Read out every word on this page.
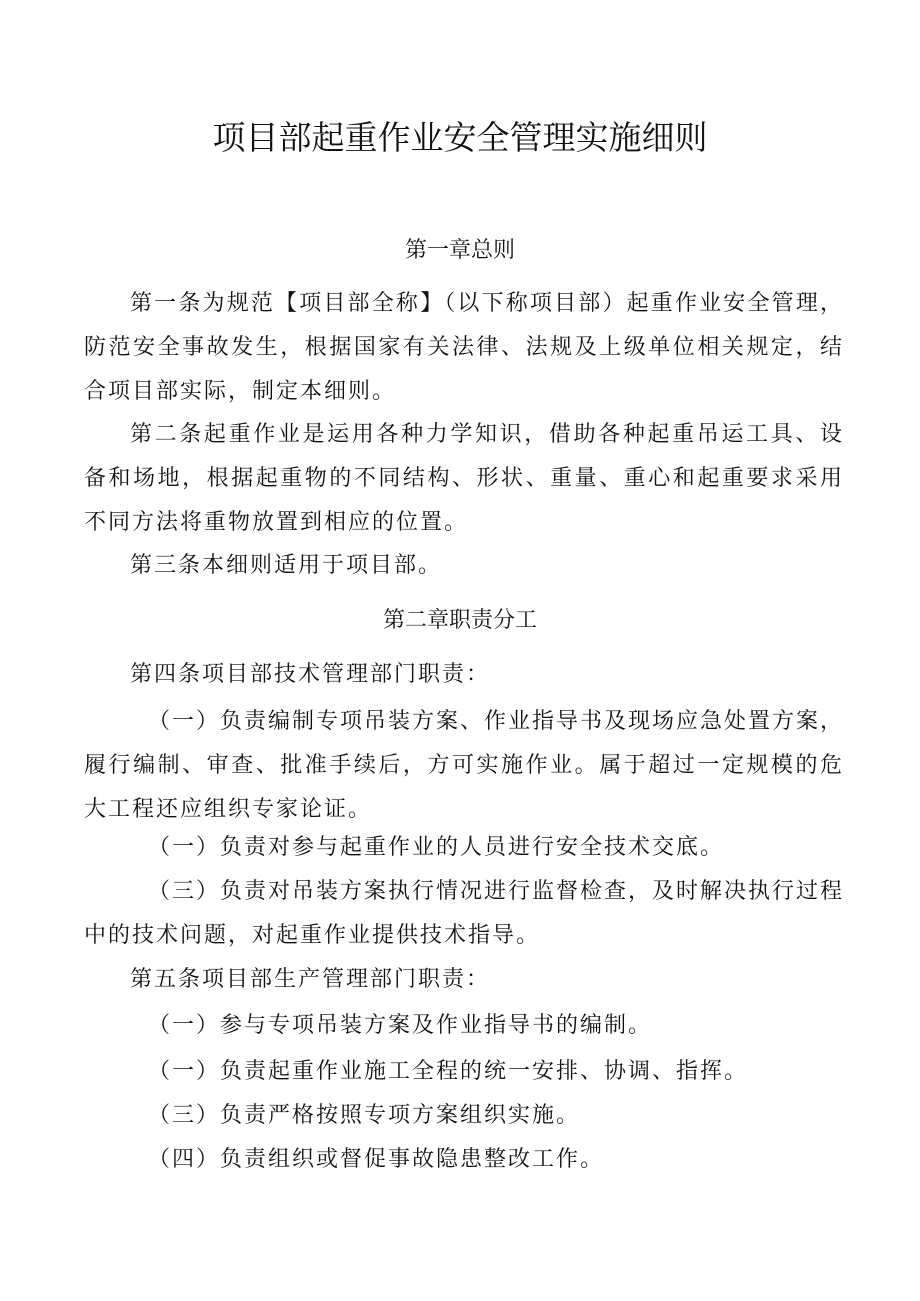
项目部起重作业安全管理实施细则
第一章总则

第一条为规范【项目部全称】（以下称项目部）起重作业安全管理，防范安全事故发生，根据国家有关法律、法规及上级单位相关规定，结合项目部实际，制定本细则。

第二条起重作业是运用各种力学知识，借助各种起重吊运工具、设备和场地，根据起重物的不同结构、形状、重量、重心和起重要求采用不同方法将重物放置到相应的位置。

第三条本细则适用于项目部。

第二章职责分工

第四条项目部技术管理部门职责：

（一）负责编制专项吊装方案、作业指导书及现场应急处置方案，履行编制、审查、批准手续后，方可实施作业。属于超过一定规模的危大工程还应组织专家论证。

（一）负责对参与起重作业的人员进行安全技术交底。

（三）负责对吊装方案执行情况进行监督检查，及时解决执行过程中的技术问题，对起重作业提供技术指导。

第五条项目部生产管理部门职责：

（一）参与专项吊装方案及作业指导书的编制。

（一）负责起重作业施工全程的统一安排、协调、指挥。

（三）负责严格按照专项方案组织实施。

（四）负责组织或督促事故隐患整改工作。
